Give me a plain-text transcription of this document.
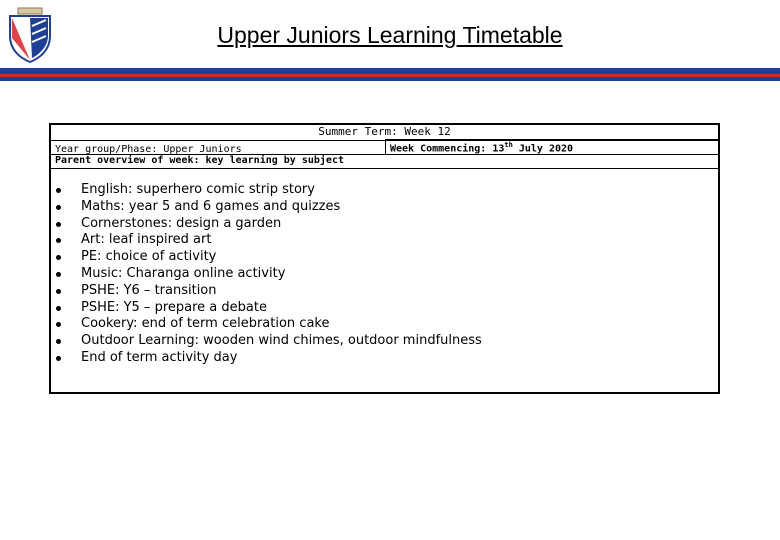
Upper Juniors Learning Timetable
Summer Term: Week 12
Year group/Phase: Upper Juniors	Week Commencing: 13th July 2020
Parent overview of week: key learning by subject
English: superhero comic strip story
Maths: year 5 and 6 games and quizzes
Cornerstones: design a garden
Art: leaf inspired art
PE: choice of activity
Music: Charanga online activity
PSHE: Y6 – transition
PSHE: Y5 – prepare a debate
Cookery: end of term celebration cake
Outdoor Learning: wooden wind chimes, outdoor mindfulness
End of term activity day
